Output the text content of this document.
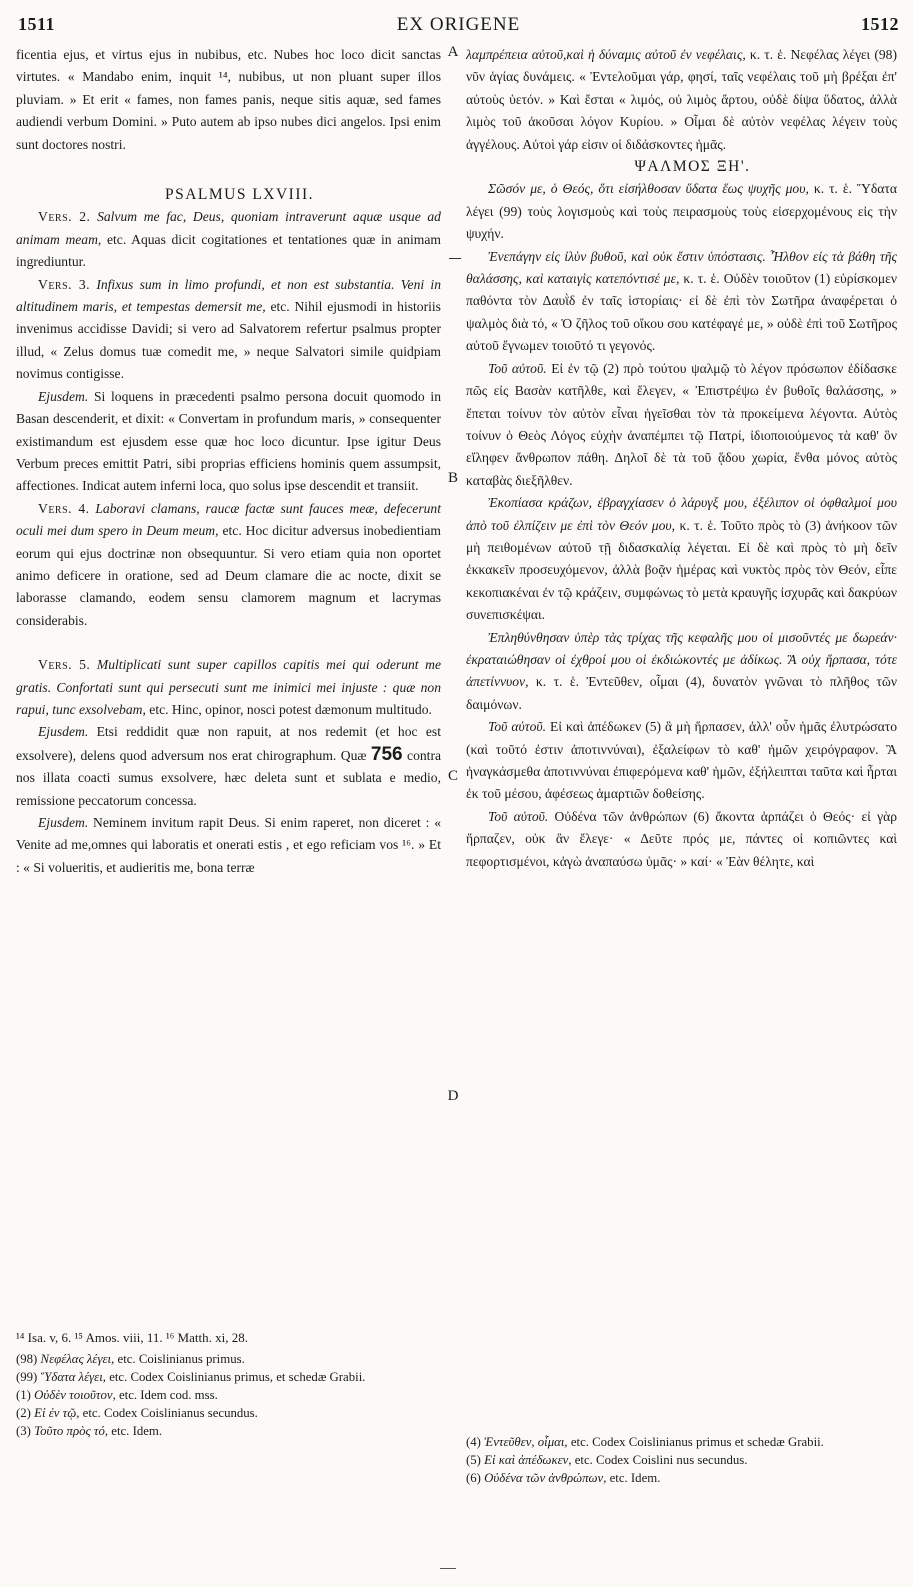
1511	EX ORIGENE	1512

ficentia ejus, et virtus ejus in nubibus, etc. Nubes hoc loco dicit sanctas virtutes. « Mandabo enim, inquit ¹⁴, nubibus, ut non pluant super illos pluviam. » Et erit « fames, non fames panis, neque sitis aquæ, sed fames audiendi verbum Domini. » Puto autem ab ipso nubes dici angelos. Ipsi enim sunt doctores nostri.

PSALMUS LXVIII.

Vers. 2. Salvum me fac, Deus, quoniam intraverunt aquæ usque ad animam meam, etc. Aquas dicit cogitationes et tentationes quæ in animam ingrediuntur.

Vers. 3. Infixus sum in limo profundi, et non est substantia. Veni in altitudinem maris, et tempestas demersit me, etc. Nihil ejusmodi in historiis invenimus accidisse Davidi; si vero ad Salvatorem refertur psalmus propter illud, « Zelus domus tuæ comedit me, » neque Salvatori simile quidpiam novimus contigisse.

Ejusdem. Si loquens in præcedenti psalmo persona docuit quomodo in Basan descenderit, et dixit: « Convertam in profundum maris, » consequenter existimandum est ejusdem esse quæ hoc loco dicuntur. Ipse igitur Deus Verbum preces emittit Patri, sibi proprias efficiens hominis quem assumpsit, affectiones. Indicat autem inferni loca, quo solus ipse descendit et transiit.

Vers. 4. Laboravi clamans, raucæ factæ sunt fauces meæ, defecerunt oculi mei dum spero in Deum meum, etc. Hoc dicitur adversus inobedientiam eorum qui ejus doctrinæ non obsequuntur. Si vero etiam quia non oportet animo deficere in oratione, sed ad Deum clamare die ac nocte, dixit se laborasse clamando, eodem sensu clamorem magnum et lacrymas considerabis.

Vers. 5. Multiplicati sunt super capillos capitis mei qui oderunt me gratis. Confortati sunt qui persecuti sunt me inimici mei injuste : quæ non rapui, tunc exsolvebam, etc. Hinc, opinor, nosci potest dæmonum multitudo.

Ejusdem. Etsi reddidit quæ non rapuit, at nos redemit (et hoc est exsolvere), delens quod adversum nos erat chirographum. Quæ 756 contra nos illata coacti sumus exsolvere, hæc deleta sunt et sublata e medio, remissione peccatorum concessa.

Ejusdem. Neminem invitum rapit Deus. Si enim raperet, non diceret : « Venite ad me,omnes qui laboratis et onerati estis , et ego reficiam vos ¹⁶. » Et : « Si volueritis, et audieritis me, bona terræ

A
B
C
D

λαμπρέπεια αὐτοῦ,καὶ ἡ δύναμις αὐτοῦ ἐν νεφέλαις, κ. τ. ἑ. Νεφέλας λέγει (98) νῦν ἁγίας δυνάμεις. « Ἐντελοῦμαι γάρ, φησί, ταῖς νεφέλαις τοῦ μὴ βρέξαι ἐπ' αὐτοὺς ὑετόν. » Καὶ ἔσται « λιμός, οὐ λιμὸς ἄρτου, οὐδὲ δίψα ὕδατος, ἀλλὰ λιμὸς τοῦ ἀκοῦσαι λόγον Κυρίου. » Οἶμαι δὲ αὐτὸν νεφέλας λέγειν τοὺς ἀγγέλους. Αὐτοὶ γάρ εἰσιν οἱ διδάσκοντες ἡμᾶς.

ΨΑΛΜΟΣ ΞΗ'.

Σῶσόν με, ὁ Θεός, ὅτι εἰσήλθοσαν ὕδατα ἕως ψυχῆς μου, κ. τ. ἑ. Ὕδατα λέγει (99) τοὺς λογισμοὺς καὶ τοὺς πειρασμοὺς τοὺς εἰσερχομένους εἰς τὴν ψυχήν.

Ἐνεπάγην εἰς ἰλὺν βυθοῦ, καὶ οὐκ ἔστιν ὑπόστασις. Ἦλθον εἰς τὰ βάθη τῆς θαλάσσης, καὶ καταιγὶς κατεπόντισέ με, κ. τ. ἑ. Οὐδὲν τοιοῦτον (1) εὑρίσκομεν παθόντα τὸν Δαυῒδ ἐν ταῖς ἱστορίαις· εἰ δὲ ἐπὶ τὸν Σωτῆρα ἀναφέρεται ὁ ψαλμὸς διὰ τό, « Ὁ ζῆλος τοῦ οἴκου σου κατέφαγέ με, » οὐδὲ ἐπὶ τοῦ Σωτῆρος αὐτοῦ ἔγνωμεν τοιοῦτό τι γεγονός.

Τοῦ αὐτοῦ. Εἰ ἐν τῷ (2) πρὸ τούτου ψαλμῷ τὸ λέγον πρόσωπον ἐδίδασκε πῶς εἰς Βασὰν κατῆλθε, καὶ ἔλεγεν, « Ἐπιστρέψω ἐν βυθοῖς θαλάσσης, » ἕπεται τοίνυν τὸν αὐτὸν εἶναι ἡγεῖσθαι τὸν τὰ προκείμενα λέγοντα. Αὐτὸς τοίνυν ὁ Θεὸς Λόγος εὐχὴν ἀναπέμπει τῷ Πατρί, ἰδιοποιούμενος τὰ καθ' ὃν εἴληφεν ἄνθρωπον πάθη. Δηλοῖ δὲ τὰ τοῦ ᾅδου χωρία, ἔνθα μόνος αὐτὸς καταβὰς διεξῆλθεν.

Ἐκοπίασα κράζων, ἐβραγχίασεν ὁ λάρυγξ μου, ἐξέλιπον οἱ ὀφθαλμοί μου ἀπὸ τοῦ ἐλπίζειν με ἐπὶ τὸν Θεόν μου, κ. τ. ἑ. Τοῦτο πρὸς τὸ (3) ἀνήκοον τῶν μὴ πειθομένων αὐτοῦ τῇ διδασκαλίᾳ λέγεται. Εἰ δὲ καὶ πρὸς τὸ μὴ δεῖν ἐκκακεῖν προσευχόμενον, ἀλλὰ βοᾷν ἡμέρας καὶ νυκτὸς πρὸς τὸν Θεόν, εἶπε κεκοπιακέναι ἐν τῷ κράζειν, συμφώνως τὸ μετὰ κραυγῆς ἰσχυρᾶς καὶ δακρύων συνεπισκέψαι.

Ἐπληθύνθησαν ὑπὲρ τὰς τρίχας τῆς κεφαλῆς μου οἱ μισοῦντές με δωρεάν· ἐκραταιώθησαν οἱ ἐχθροί μου οἱ ἐκδιώκοντές με ἀδίκως. Ἃ οὐχ ἥρπασα, τότε ἀπετίννυον, κ. τ. ἑ. Ἐντεῦθεν, οἶμαι (4), δυνατὸν γνῶναι τὸ πλῆθος τῶν δαιμόνων.

Τοῦ αὐτοῦ. Εἰ καὶ ἀπέδωκεν (5) ἃ μὴ ἥρπασεν, ἀλλ' οὖν ἡμᾶς ἐλυτρώσατο (καὶ τοῦτό ἐστιν ἀποτιννύναι), ἐξαλείφων τὸ καθ' ἡμῶν χειρόγραφον. Ἃ ἠναγκάσμεθα ἀποτιννύναι ἐπιφερόμενα καθ' ἡμῶν, ἐξήλειπται ταῦτα καὶ ἦρται ἐκ τοῦ μέσου, ἀφέσεως ἁμαρτιῶν δοθείσης.

Τοῦ αὐτοῦ. Οὐδένα τῶν ἀνθρώπων (6) ἄκοντα ἁρπάζει ὁ Θεός· εἰ γὰρ ἥρπαζεν, οὐκ ἂν ἔλεγε· « Δεῦτε πρός με, πάντες οἱ κοπιῶντες καὶ πεφορτισμένοι, κἀγὼ ἀναπαύσω ὑμᾶς· » καί· « Ἐὰν θέλητε, καὶ

¹⁴ Isa. v, 6. ¹⁵ Amos. viii, 11. ¹⁶ Matth. xi, 28.

(98) Νεφέλας λέγει, etc. Coislinianus primus.

(99) Ὕδατα λέγει, etc. Codex Coislinianus primus, et schedæ Grabii.

(1) Οὐδὲν τοιοῦτον, etc. Idem cod. mss.

(2) Εἰ ἐν τῷ, etc. Codex Coislinianus secundus.

(3) Τοῦτο πρὸς τό, etc. Idem.

(4) Ἐντεῦθεν, οἶμαι, etc. Codex Coislinianus primus et schedæ Grabii.

(5) Εἰ καὶ ἀπέδωκεν, etc. Codex Coislini nus secundus.

(6) Οὐδένα τῶν ἀνθρώπων, etc. Idem.
